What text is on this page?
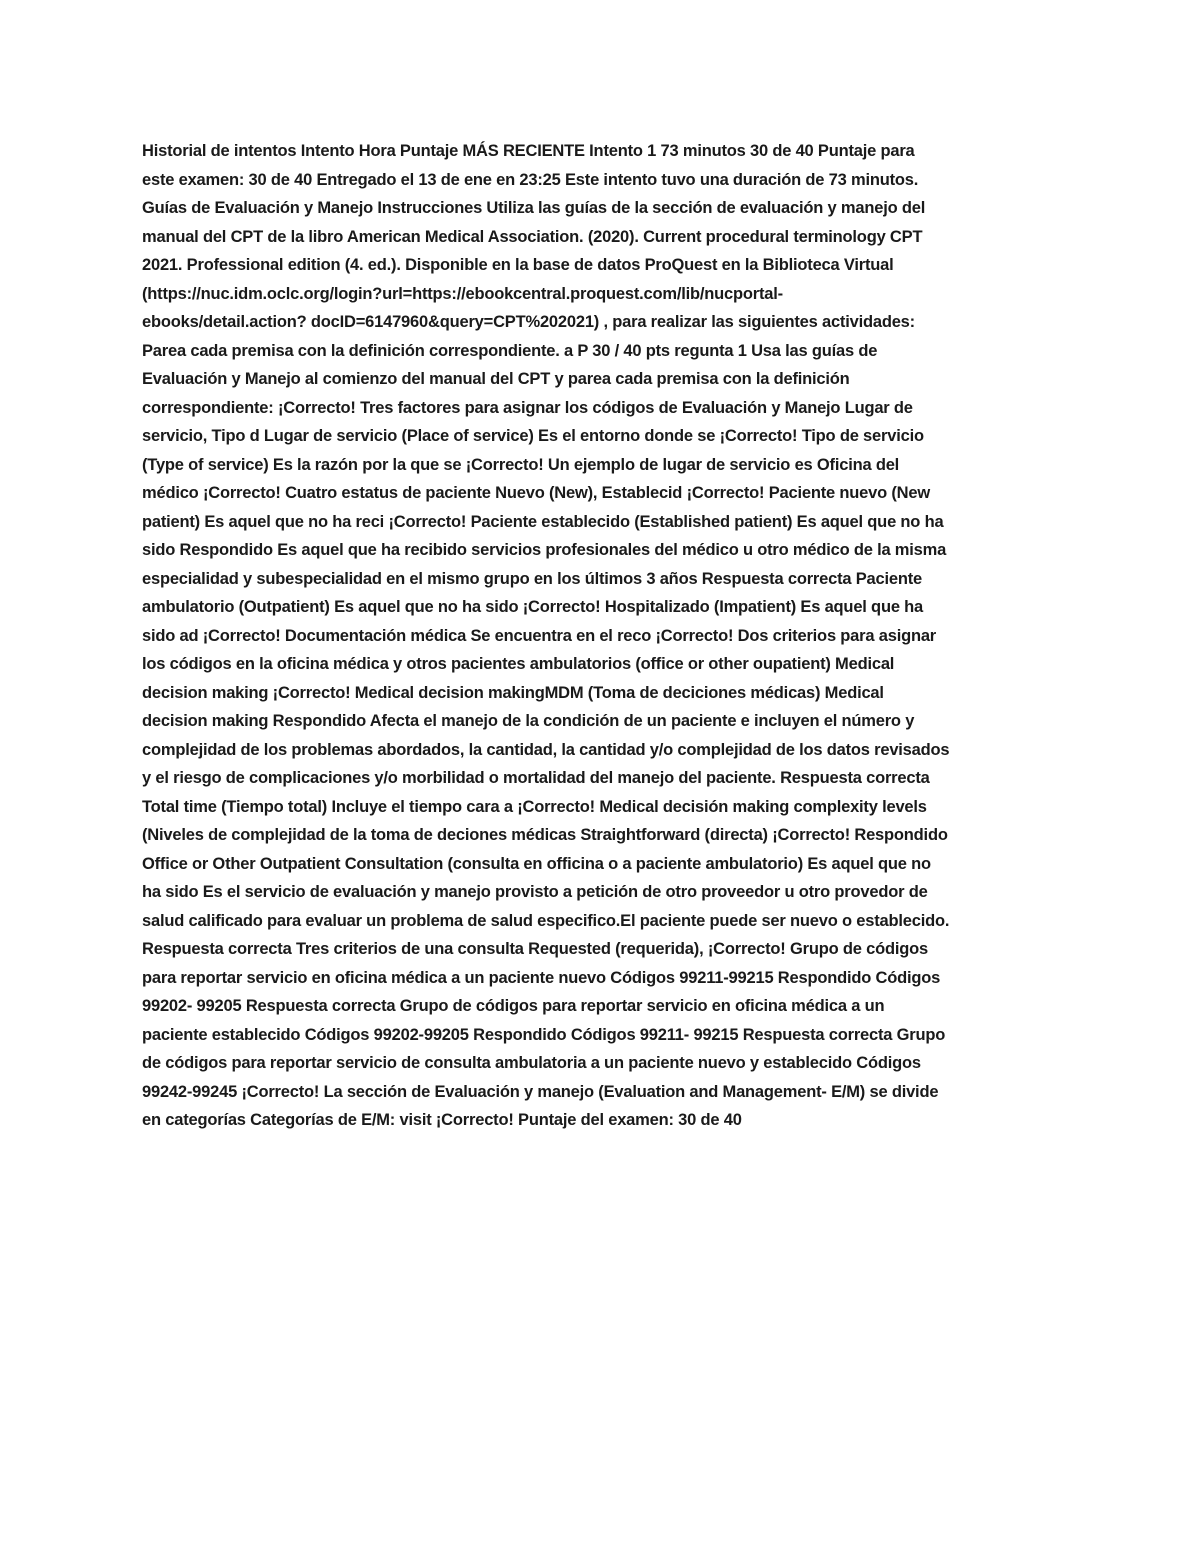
Historial de intentos Intento Hora Puntaje MÁS RECIENTE Intento 1 73 minutos 30 de 40 Puntaje para
este examen: 30 de 40 Entregado el 13 de ene en 23:25 Este intento tuvo una duración de 73 minutos.
Guías de Evaluación y Manejo Instrucciones Utiliza las guías de la sección de evaluación y manejo del
manual del CPT de la libro American Medical Association. (2020). Current procedural terminology CPT
2021. Professional edition (4. ed.). Disponible en la base de datos ProQuest en la Biblioteca Virtual
(https://nuc.idm.oclc.org/login?url=https://ebookcentral.proquest.com/lib/nucportal-
ebooks/detail.action? docID=6147960&query=CPT%202021) , para realizar las siguientes actividades:
Parea cada premisa con la definición correspondiente. a P 30 / 40 pts regunta 1 Usa las guías de
Evaluación y Manejo al comienzo del manual del CPT y parea cada premisa con la definición
correspondiente: ¡Correcto! Tres factores para asignar los códigos de Evaluación y Manejo Lugar de
servicio, Tipo d Lugar de servicio (Place of service) Es el entorno donde se ¡Correcto! Tipo de servicio
(Type of service) Es la razón por la que se ¡Correcto! Un ejemplo de lugar de servicio es Oficina del
médico ¡Correcto! Cuatro estatus de paciente Nuevo (New), Establecid ¡Correcto! Paciente nuevo (New
patient) Es aquel que no ha reci ¡Correcto! Paciente establecido (Established patient) Es aquel que no ha
sido Respondido Es aquel que ha recibido servicios profesionales del médico u otro médico de la misma
especialidad y subespecialidad en el mismo grupo en los últimos 3 años Respuesta correcta Paciente
ambulatorio (Outpatient) Es aquel que no ha sido ¡Correcto! Hospitalizado (Impatient) Es aquel que ha
sido ad ¡Correcto! Documentación médica Se encuentra en el reco ¡Correcto! Dos criterios para asignar
los códigos en la oficina médica y otros pacientes ambulatorios (office or other oupatient) Medical
decision making ¡Correcto! Medical decision makingMDM (Toma de deciciones médicas) Medical
decision making Respondido Afecta el manejo de la condición de un paciente e incluyen el número y
complejidad de los problemas abordados, la cantidad, la cantidad y/o complejidad de los datos revisados
y el riesgo de complicaciones y/o morbilidad o mortalidad del manejo del paciente. Respuesta correcta
Total time (Tiempo total) Incluye el tiempo cara a ¡Correcto! Medical decisión making complexity levels
(Niveles de complejidad de la toma de deciones médicas Straightforward (directa) ¡Correcto! Respondido
Office or Other Outpatient Consultation (consulta en officina o a paciente ambulatorio) Es aquel que no
ha sido Es el servicio de evaluación y manejo provisto a petición de otro proveedor u otro provedor de
salud calificado para evaluar un problema de salud especifico.El paciente puede ser nuevo o establecido.
Respuesta correcta Tres criterios de una consulta Requested (requerida), ¡Correcto! Grupo de códigos
para reportar servicio en oficina médica a un paciente nuevo Códigos 99211-99215 Respondido Códigos
99202- 99205 Respuesta correcta Grupo de códigos para reportar servicio en oficina médica a un
paciente establecido Códigos 99202-99205 Respondido Códigos 99211- 99215 Respuesta correcta Grupo
de códigos para reportar servicio de consulta ambulatoria a un paciente nuevo y establecido Códigos
99242-99245 ¡Correcto! La sección de Evaluación y manejo (Evaluation and Management- E/M) se divide
en categorías Categorías de E/M: visit ¡Correcto! Puntaje del examen: 30 de 40
